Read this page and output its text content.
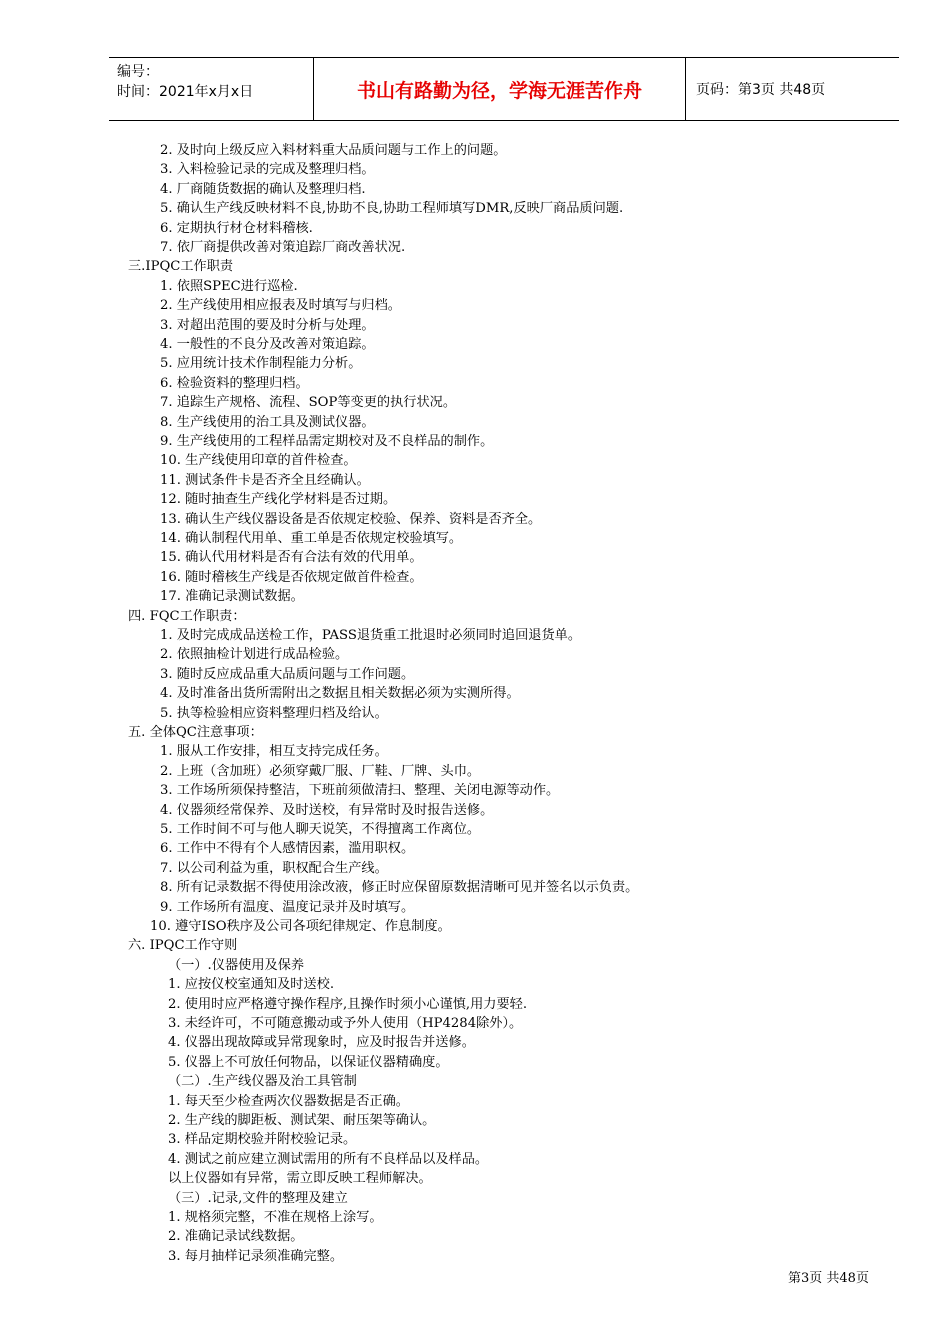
编号：
时间：2021年x月x日	书山有路勤为径，学海无涯苦作舟	页码：第3页 共48页
2. 及时向上级反应入料材料重大品质问题与工作上的问题。
3. 入料检验记录的完成及整理归档。
4. 厂商随货数据的确认及整理归档.
5. 确认生产线反映材料不良,协助不良,协助工程师填写DMR,反映厂商品质问题.
6. 定期执行材仓材料稽核.
7. 依厂商提供改善对策追踪厂商改善状况.
三.IPQC工作职责
1. 依照SPEC进行巡检.
2. 生产线使用相应报表及时填写与归档。
3. 对超出范围的要及时分析与处理。
4. 一般性的不良分及改善对策追踪。
5. 应用统计技术作制程能力分析。
6. 检验资料的整理归档。
7. 追踪生产规格、流程、SOP等变更的执行状况。
8. 生产线使用的治工具及测试仪器。
9. 生产线使用的工程样品需定期校对及不良样品的制作。
10. 生产线使用印章的首件检查。
11. 测试条件卡是否齐全且经确认。
12. 随时抽查生产线化学材料是否过期。
13. 确认生产线仪器设备是否依规定校验、保养、资料是否齐全。
14. 确认制程代用单、重工单是否依规定校验填写。
15. 确认代用材料是否有合法有效的代用单。
16. 随时稽核生产线是否依规定做首件检查。
17. 准确记录测试数据。
四. FQC工作职责：
1. 及时完成成品送检工作，PASS退货重工批退时必须同时追回退货单。
2. 依照抽检计划进行成品检验。
3. 随时反应成品重大品质问题与工作问题。
4. 及时准备出货所需附出之数据且相关数据必须为实测所得。
5. 执等检验相应资料整理归档及给认。
五. 全体QC注意事项：
1. 服从工作安排，相互支持完成任务。
2. 上班（含加班）必须穿戴厂服、厂鞋、厂牌、头巾。
3. 工作场所须保持整洁，下班前须做清扫、整理、关闭电源等动作。
4. 仪器须经常保养、及时送校，有异常时及时报告送修。
5. 工作时间不可与他人聊天说笑，不得擅离工作离位。
6. 工作中不得有个人感情因素，滥用职权。
7. 以公司利益为重，职权配合生产线。
8. 所有记录数据不得使用涂改液，修正时应保留原数据清晰可见并签名以示负责。
9. 工作场所有温度、温度记录并及时填写。
10. 遵守ISO秩序及公司各项纪律规定、作息制度。
六. IPQC工作守则
（一）.仪器使用及保养
1. 应按仪校室通知及时送校.
2. 使用时应严格遵守操作程序,且操作时须小心谨慎,用力要轻.
3. 未经许可，不可随意搬动或予外人使用（HP4284除外）。
4. 仪器出现故障或异常现象时，应及时报告并送修。
5. 仪器上不可放任何物品，以保证仪器精确度。
（二）.生产线仪器及治工具管制
1. 每天至少检查两次仪器数据是否正确。
2. 生产线的脚距板、测试架、耐压架等确认。
3. 样品定期校验并附校验记录。
4. 测试之前应建立测试需用的所有不良样品以及样品。
以上仪器如有异常，需立即反映工程师解决。
（三）.记录,文件的整理及建立
1. 规格须完整，不准在规格上涂写。
2. 准确记录试线数据。
3. 每月抽样记录须准确完整。
第3页 共48页
